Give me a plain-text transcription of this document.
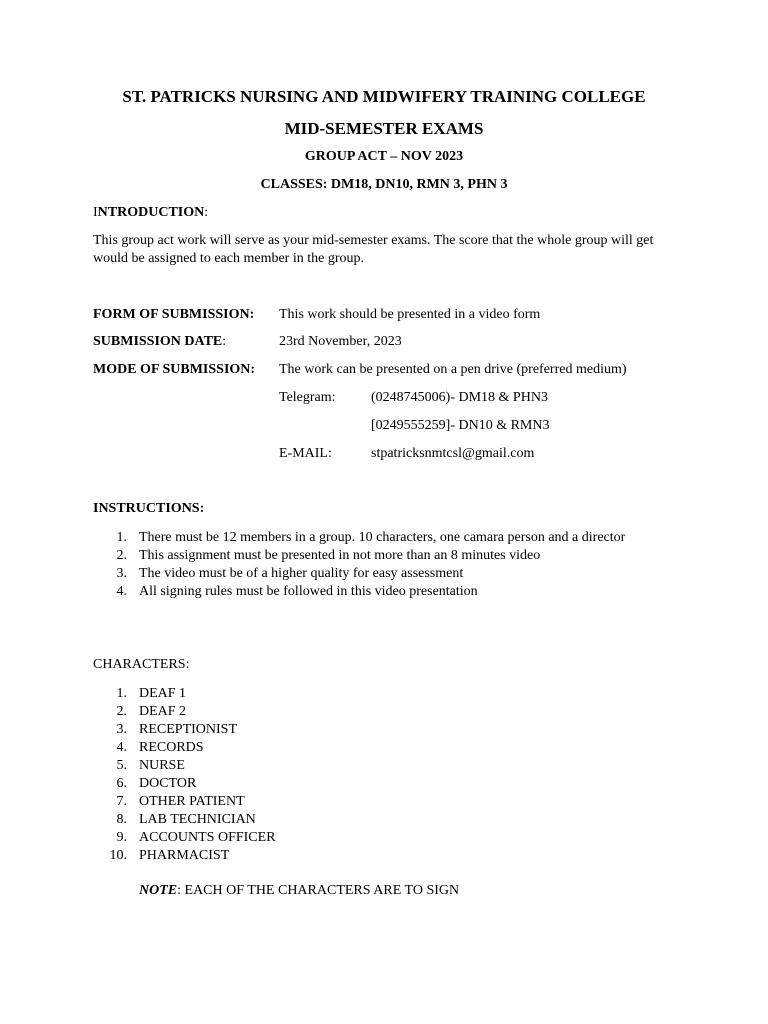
ST. PATRICKS NURSING AND MIDWIFERY TRAINING COLLEGE
MID-SEMESTER EXAMS
GROUP ACT – NOV 2023
CLASSES: DM18, DN10, RMN 3, PHN 3
INTRODUCTION:
This group act work will serve as your mid-semester exams. The score that the whole group will get would be assigned to each member in the group.
FORM OF SUBMISSION: This work should be presented in a video form
SUBMISSION DATE:	23rd November, 2023
MODE OF SUBMISSION: The work can be presented on a pen drive (preferred medium)
Telegram:	(0248745006)- DM18 & PHN3
[0249555259]- DN10 & RMN3
E-MAIL:	stpatricksnmtcsl@gmail.com
INSTRUCTIONS:
1. There must be 12 members in a group. 10 characters, one camara person and a director
2. This assignment must be presented in not more than an 8 minutes video
3. The video must be of a higher quality for easy assessment
4. All signing rules must be followed in this video presentation
CHARACTERS:
1. DEAF 1
2. DEAF 2
3. RECEPTIONIST
4. RECORDS
5. NURSE
6. DOCTOR
7. OTHER PATIENT
8. LAB TECHNICIAN
9. ACCOUNTS OFFICER
10. PHARMACIST
NOTE: EACH OF THE CHARACTERS ARE TO SIGN
